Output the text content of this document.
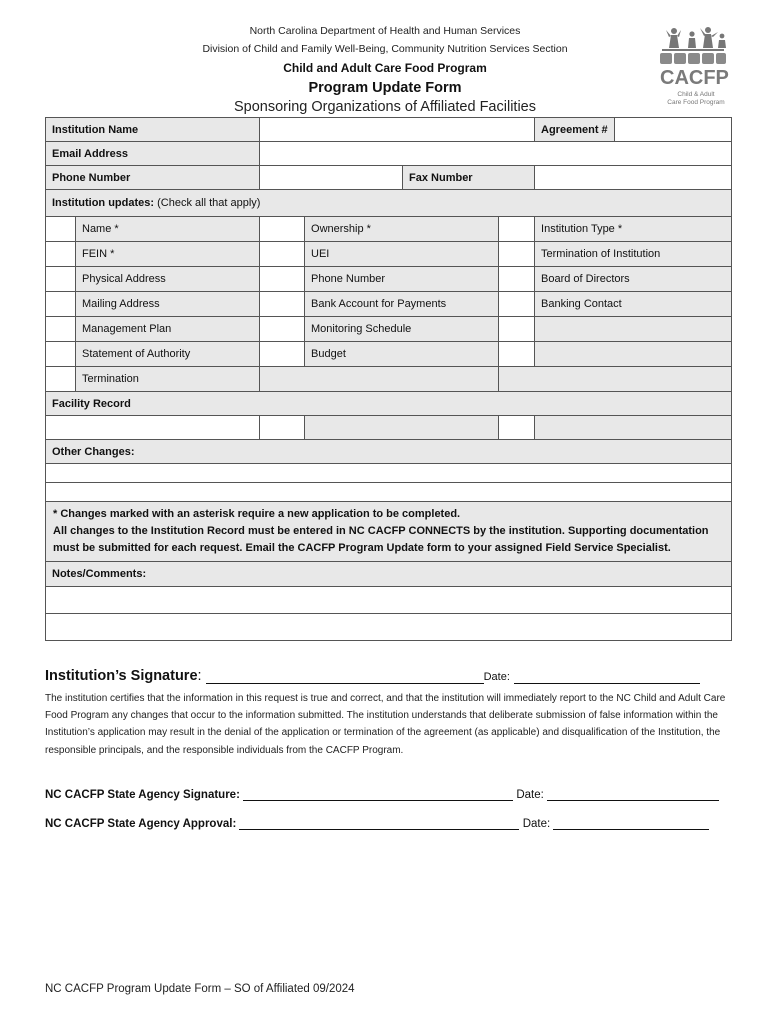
North Carolina Department of Health and Human Services
Division of Child and Family Well-Being, Community Nutrition Services Section
Child and Adult Care Food Program
Program Update Form
Sponsoring Organizations of Affiliated Facilities
CACFP
Child & Adult
Care Food Program
Institution Name						Agreement #	
Email Address							
Phone Number				Fax Number			
Institution updates: (Check all that apply)							
	Name *		Ownership *			Institution Type *	
	FEIN *		UEI			Termination of Institution	
	Physical Address		Phone Number			Board of Directors	
	Mailing Address		Bank Account for Payments			Banking Contact	
	Management Plan		Monitoring Schedule				
	Statement of Authority		Budget				
	Termination						
Facility Record							

Other Changes:							

* Changes marked with an asterisk require a new application to be completed.
All changes to the Institution Record must be entered in NC CACFP CONNECTS by the institution. Supporting documentation must be submitted for each request. Email the CACFP Program Update form to your assigned Field Service Specialist.							

Notes/Comments:							

Institution’s Signature:	Date:
The institution certifies that the information in this request is true and correct, and that the institution will immediately report to the NC Child and Adult Care Food Program any changes that occur to the information submitted. The institution understands that deliberate submission of false information within the Institution’s application may result in the denial of the application or termination of the agreement (as applicable) and disqualification of the Institution, the responsible principals, and the responsible individuals from the CACFP Program.
NC CACFP State Agency Signature:	Date:
NC CACFP State Agency Approval:	Date:
NC CACFP Program Update Form – SO of Affiliated 09/2024
